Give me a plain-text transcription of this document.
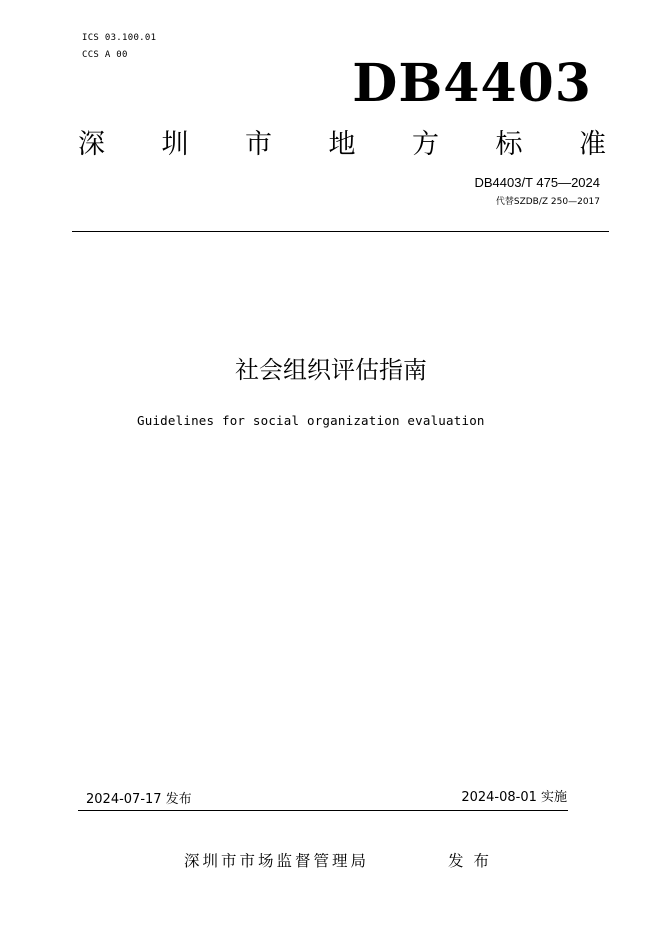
ICS 03.100.01
CCS A 00	DB4403
深 圳 市 地 方 标 准
DB4403/T 475—2024
代替SZDB/Z 250—2017
社会组织评估指南
Guidelines for social organization evaluation
2024-07-17 发布	2024-08-01 实施
深圳市市场监督管理局	发布
